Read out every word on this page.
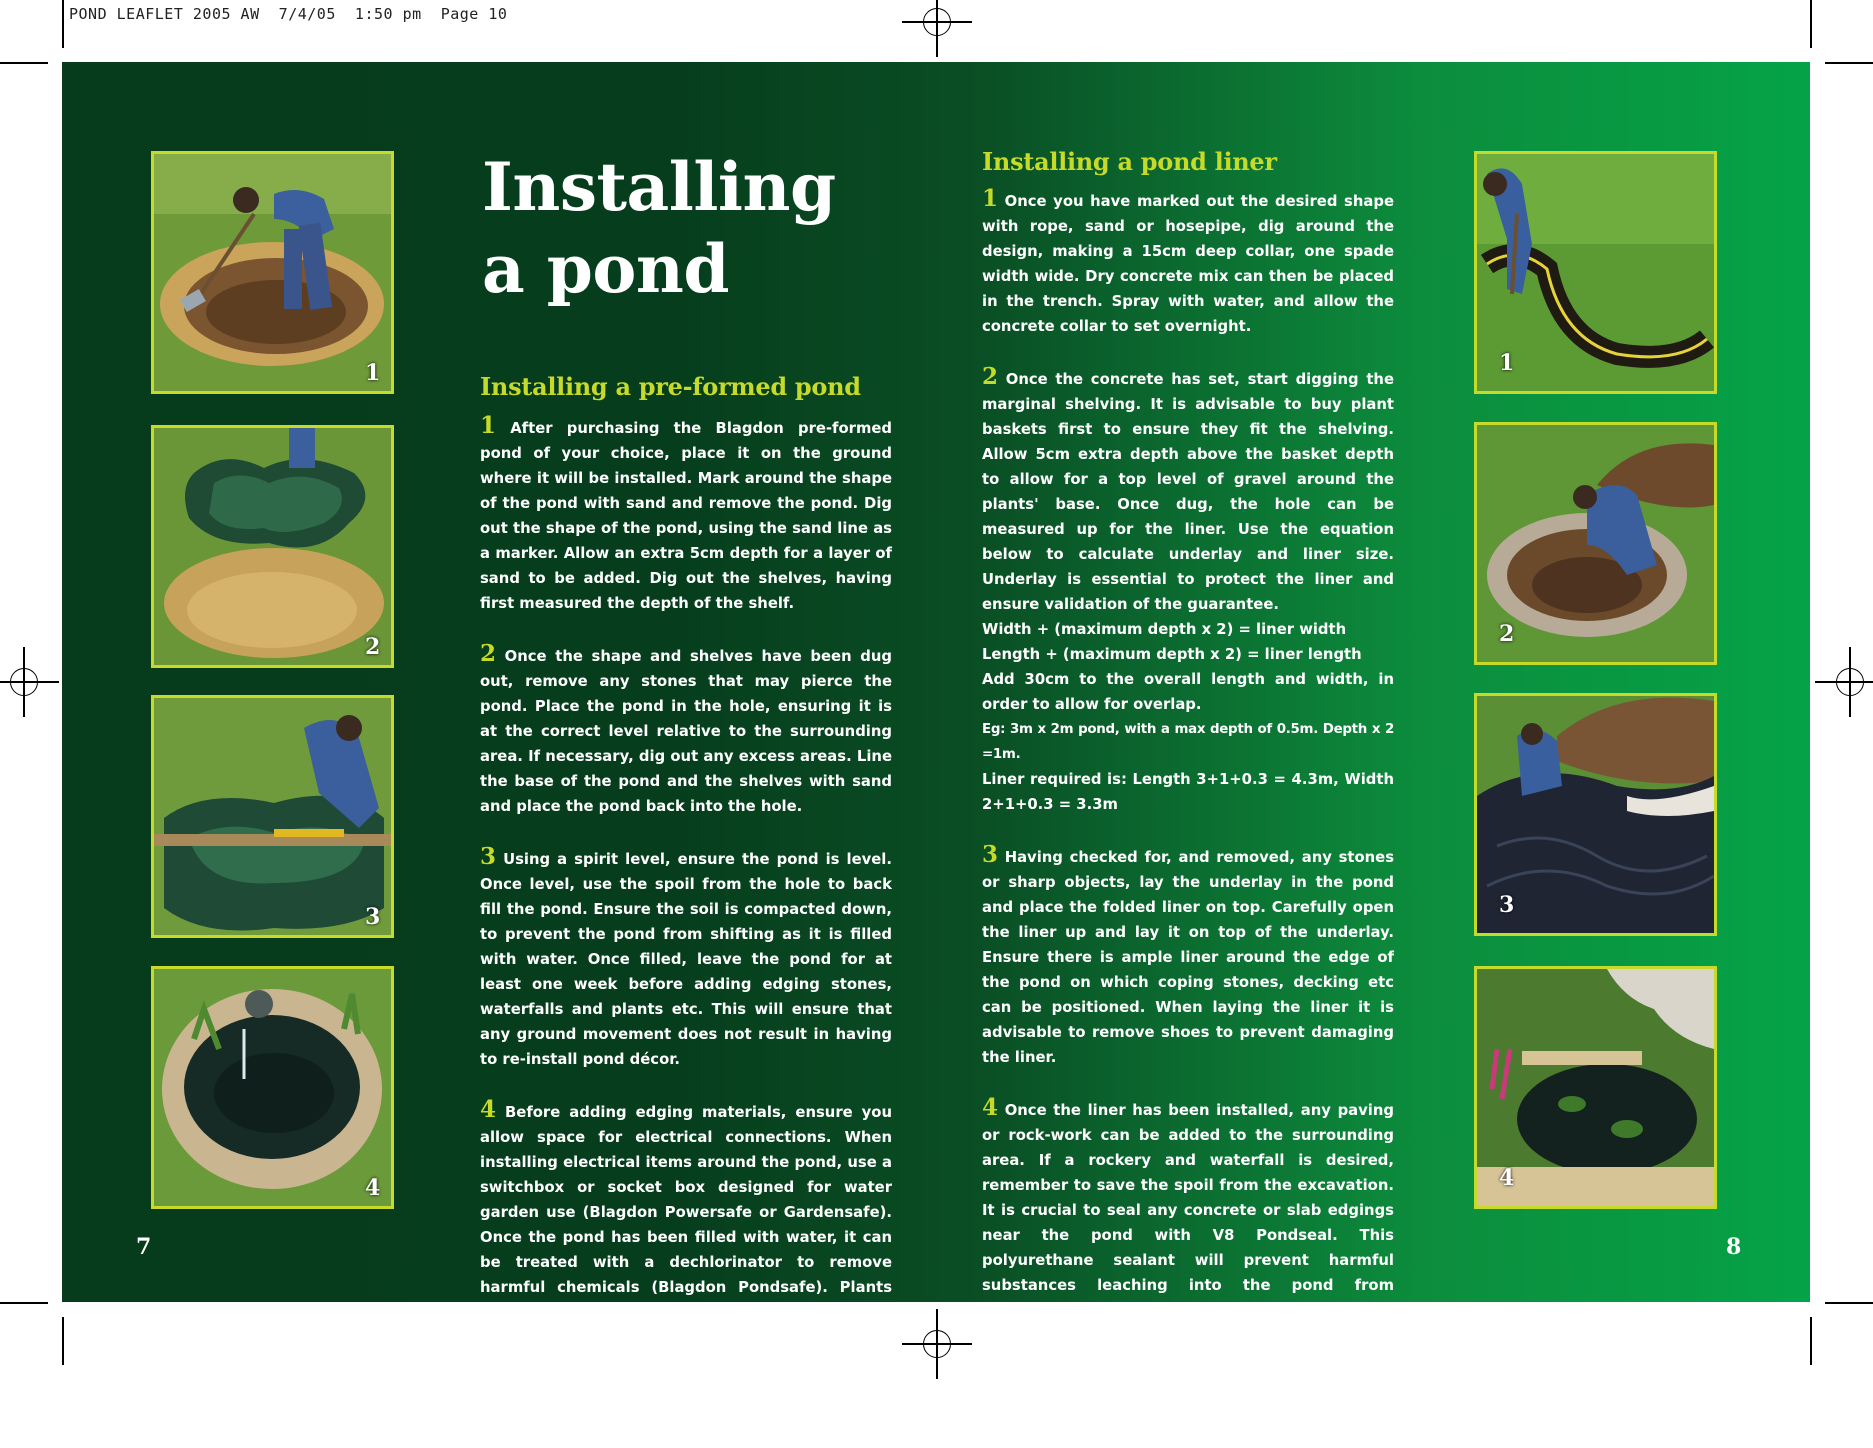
POND LEAFLET 2005 AW  7/4/05  1:50 pm  Page 10
1
2
3
4
Installing
a pond
Installing a pre-formed pond

1 After purchasing the Blagdon pre-formed pond of your choice, place it on the ground where it will be installed. Mark around the shape of the pond with sand and remove the pond. Dig out the shape of the pond, using the sand line as a marker. Allow an extra 5cm depth for a layer of sand to be added. Dig out the shelves, having first measured the depth of the shelf.

2 Once the shape and shelves have been dug out, remove any stones that may pierce the pond. Place the pond in the hole, ensuring it is at the correct level relative to the surrounding area. If necessary, dig out any excess areas. Line the base of the pond and the shelves with sand and place the pond back into the hole.

3 Using a spirit level, ensure the pond is level. Once level, use the spoil from the hole to back fill the pond. Ensure the soil is compacted down, to prevent the pond from shifting as it is filled with water. Once filled, leave the pond for at least one week before adding edging stones, waterfalls and plants etc. This will ensure that any ground movement does not result in having to re-install pond décor.

4 Before adding edging materials, ensure you allow space for electrical connections. When installing electrical items around the pond, use a switchbox or socket box designed for water garden use (Blagdon Powersafe or Gardensafe). Once the pond has been filled with water, it can be treated with a dechlorinator to remove harmful chemicals (Blagdon Pondsafe). Plants can be added and should be left for a period of 2 weeks to establish before the first few fish are introduced.

Installing a pond liner

1 Once you have marked out the desired shape with rope, sand or hosepipe, dig around the design, making a 15cm deep collar, one spade width wide. Dry concrete mix can then be placed in the trench. Spray with water, and allow the concrete collar to set overnight.

2 Once the concrete has set, start digging the marginal shelving. It is advisable to buy plant baskets first to ensure they fit the shelving. Allow 5cm extra depth above the basket depth to allow for a top level of gravel around the plants' base. Once dug, the hole can be measured up for the liner. Use the equation below to calculate underlay and liner size. Underlay is essential to protect the liner and ensure validation of the guarantee.

Width + (maximum depth x 2) = liner width

Length + (maximum depth x 2) = liner length

Add 30cm to the overall length and width, in order to allow for overlap.

Eg: 3m x 2m pond, with a max depth of 0.5m. Depth x 2 =1m.

Liner required is: Length 3+1+0.3 = 4.3m, Width 2+1+0.3 = 3.3m

3 Having checked for, and removed, any stones or sharp objects, lay the underlay in the pond and place the folded liner on top. Carefully open the liner up and lay it on top of the underlay. Ensure there is ample liner around the edge of the pond on which coping stones, decking etc can be positioned. When laying the liner it is advisable to remove shoes to prevent damaging the liner.

4 Once the liner has been installed, any paving or rock-work can be added to the surrounding area. If a rockery and waterfall is desired, remember to save the spoil from the excavation. It is crucial to seal any concrete or slab edgings near the pond with V8 Pondseal. This polyurethane sealant will prevent harmful substances leaching into the pond from concrete.

For further information on building a pond, we recommend the "Pondmaster Guide to creating a Garden Pond" book.

1
2
3
4
7	8
